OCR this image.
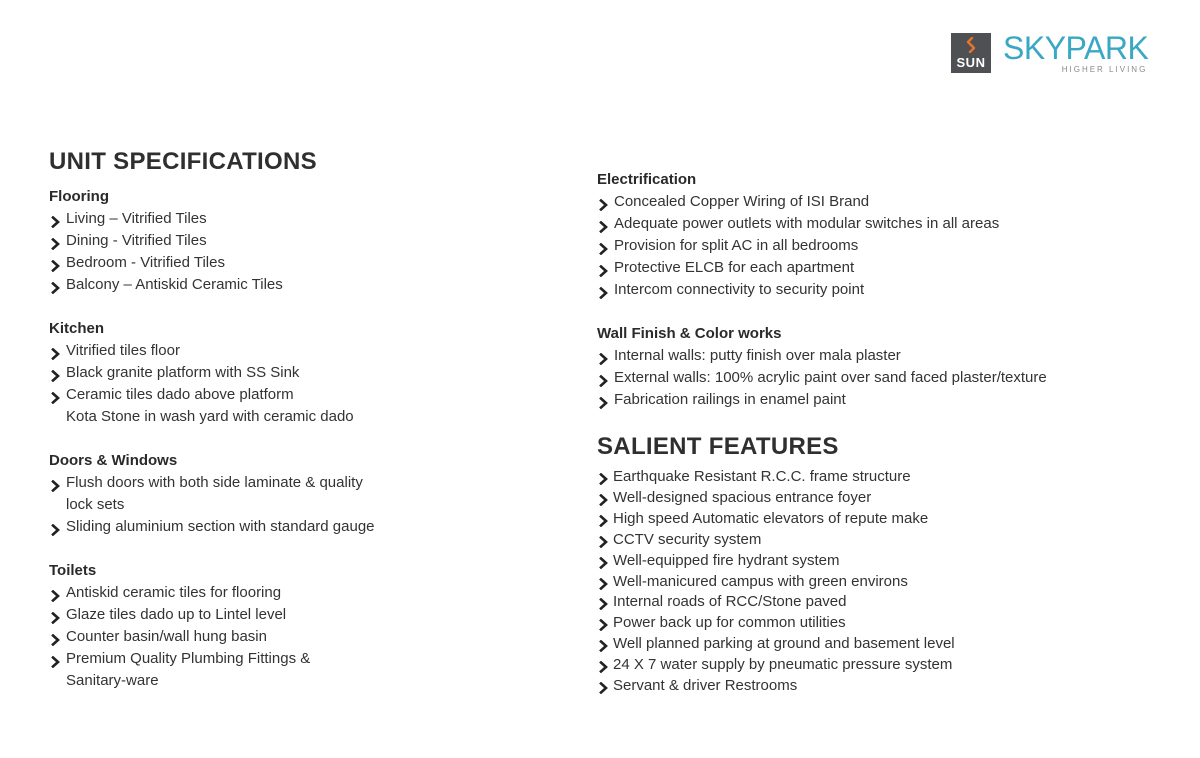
SUN SKYPARK
HIGHER LIVING
UNIT SPECIFICATIONS
Flooring
Living – Vitrified Tiles
Dining - Vitrified Tiles
Bedroom - Vitrified Tiles
Balcony – Antiskid Ceramic Tiles
Kitchen
Vitrified tiles floor
Black granite platform with SS Sink
Ceramic tiles dado above platform
Kota Stone in wash yard with ceramic dado
Doors & Windows
Flush doors with both side laminate & quality
lock sets
Sliding aluminium section with standard gauge
Toilets
Antiskid ceramic tiles for flooring
Glaze tiles dado up to Lintel level
Counter basin/wall hung basin
Premium Quality Plumbing Fittings &
Sanitary-ware
Electrification
Concealed Copper Wiring of ISI Brand
Adequate power outlets with modular switches in all areas
Provision for split AC in all bedrooms
Protective ELCB for each apartment
Intercom connectivity to security point
Wall Finish & Color works
Internal walls: putty finish over mala plaster
External walls: 100% acrylic paint over sand faced plaster/texture
Fabrication railings in enamel paint
SALIENT FEATURES
Earthquake Resistant R.C.C. frame structure
Well-designed spacious entrance foyer
High speed Automatic elevators of repute make
CCTV security system
Well-equipped fire hydrant system
Well-manicured campus with green environs
Internal roads of RCC/Stone paved
Power back up for common utilities
Well planned parking at ground and basement level
24 X 7 water supply by pneumatic pressure system
Servant & driver Restrooms
